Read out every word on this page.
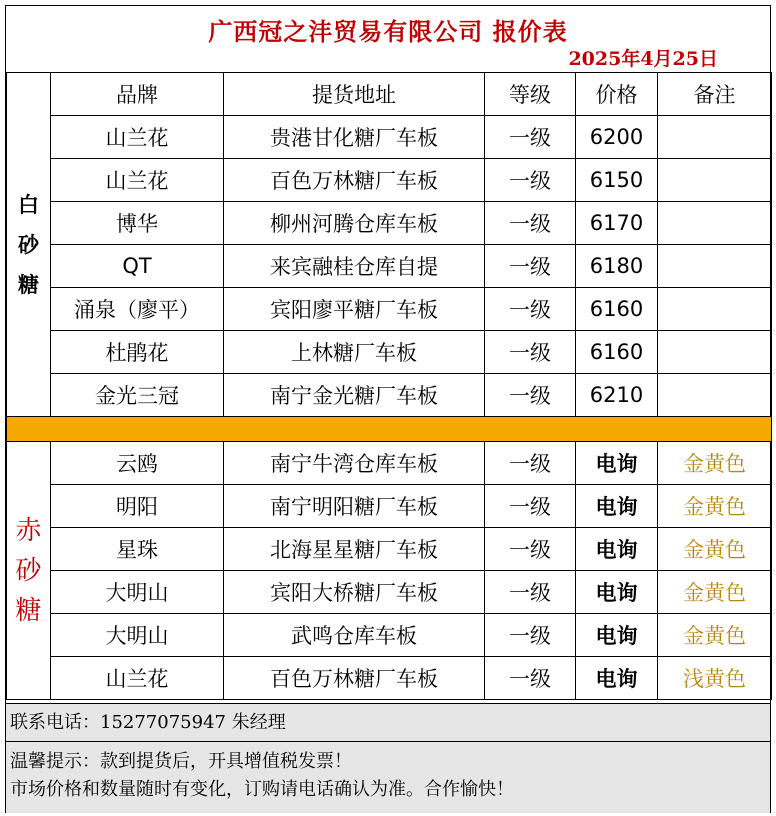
广西冠之沣贸易有限公司 报价表
2025年4月25日
白砂糖	品牌	提货地址	等级	价格	备注
	山兰花	贵港甘化糖厂车板	一级	6200	
	山兰花	百色万林糖厂车板	一级	6150	
	博华	柳州河腾仓库车板	一级	6170	
	QT	来宾融桂仓库自提	一级	6180	
	涌泉（廖平）	宾阳廖平糖厂车板	一级	6160	
	杜鹃花	上林糖厂车板	一级	6160	
	金光三冠	南宁金光糖厂车板	一级	6210	

赤砂糖	云鸥	南宁牛湾仓库车板	一级	电询	金黄色
	明阳	南宁明阳糖厂车板	一级	电询	金黄色
	星珠	北海星星糖厂车板	一级	电询	金黄色
	大明山	宾阳大桥糖厂车板	一级	电询	金黄色
	大明山	武鸣仓库车板	一级	电询	金黄色
	山兰花	百色万林糖厂车板	一级	电询	浅黄色
联系电话：15277075947 朱经理
温馨提示：款到提货后，开具增值税发票！
市场价格和数量随时有变化，订购请电话确认为准。合作愉快！
